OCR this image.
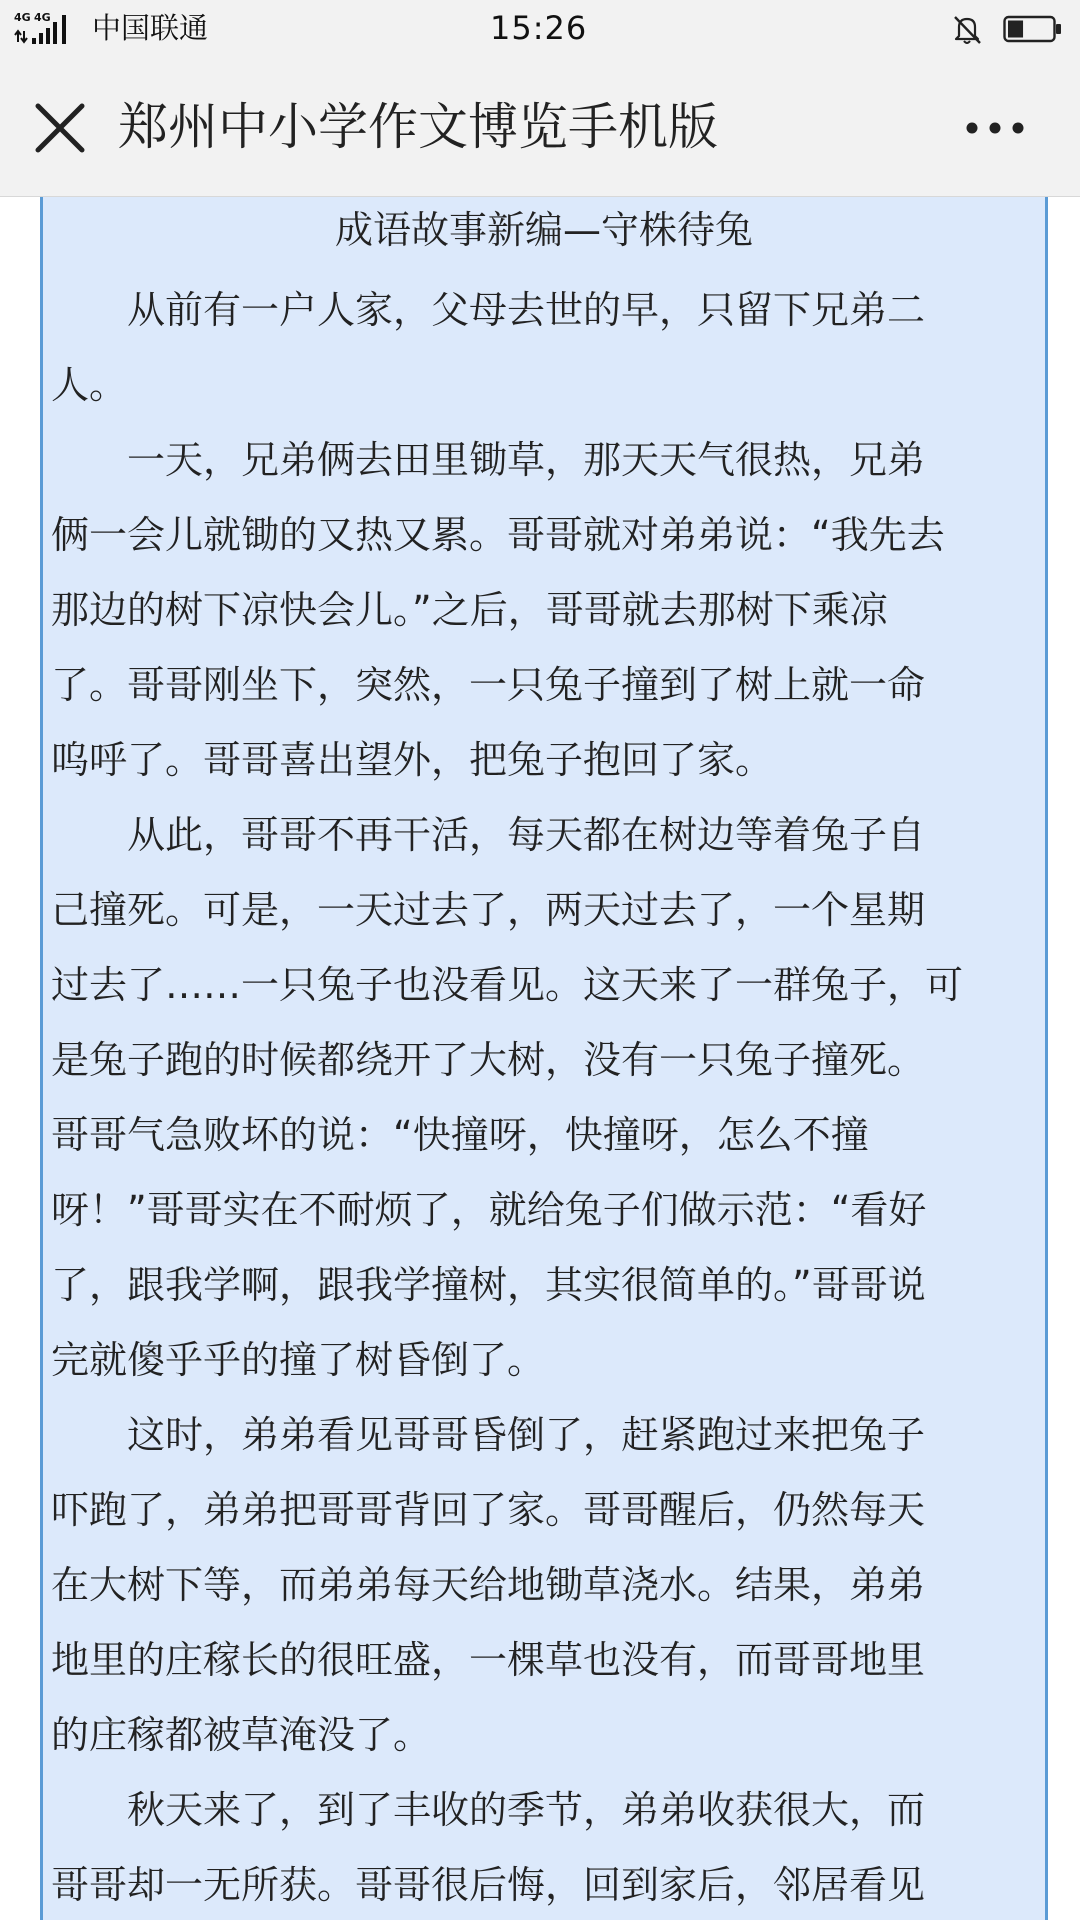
4G 4G 中国联通	15:26
郑州中小学作文博览手机版
成语故事新编—守株待兔
从前有一户人家，父母去世的早，只留下兄弟二
人。
一天，兄弟俩去田里锄草，那天天气很热，兄弟
俩一会儿就锄的又热又累。哥哥就对弟弟说：“我先去
那边的树下凉快会儿。”之后，哥哥就去那树下乘凉
了。哥哥刚坐下，突然，一只兔子撞到了树上就一命
呜呼了。哥哥喜出望外，把兔子抱回了家。
从此，哥哥不再干活，每天都在树边等着兔子自
己撞死。可是，一天过去了，两天过去了，一个星期
过去了……一只兔子也没看见。这天来了一群兔子，可
是兔子跑的时候都绕开了大树，没有一只兔子撞死。
哥哥气急败坏的说：“快撞呀，快撞呀，怎么不撞
呀！”哥哥实在不耐烦了，就给兔子们做示范：“看好
了，跟我学啊，跟我学撞树，其实很简单的。”哥哥说
完就傻乎乎的撞了树昏倒了。
这时，弟弟看见哥哥昏倒了，赶紧跑过来把兔子
吓跑了，弟弟把哥哥背回了家。哥哥醒后，仍然每天
在大树下等，而弟弟每天给地锄草浇水。结果，弟弟
地里的庄稼长的很旺盛，一棵草也没有，而哥哥地里
的庄稼都被草淹没了。
秋天来了，到了丰收的季节，弟弟收获很大，而
哥哥却一无所获。哥哥很后悔，回到家后，邻居看见
